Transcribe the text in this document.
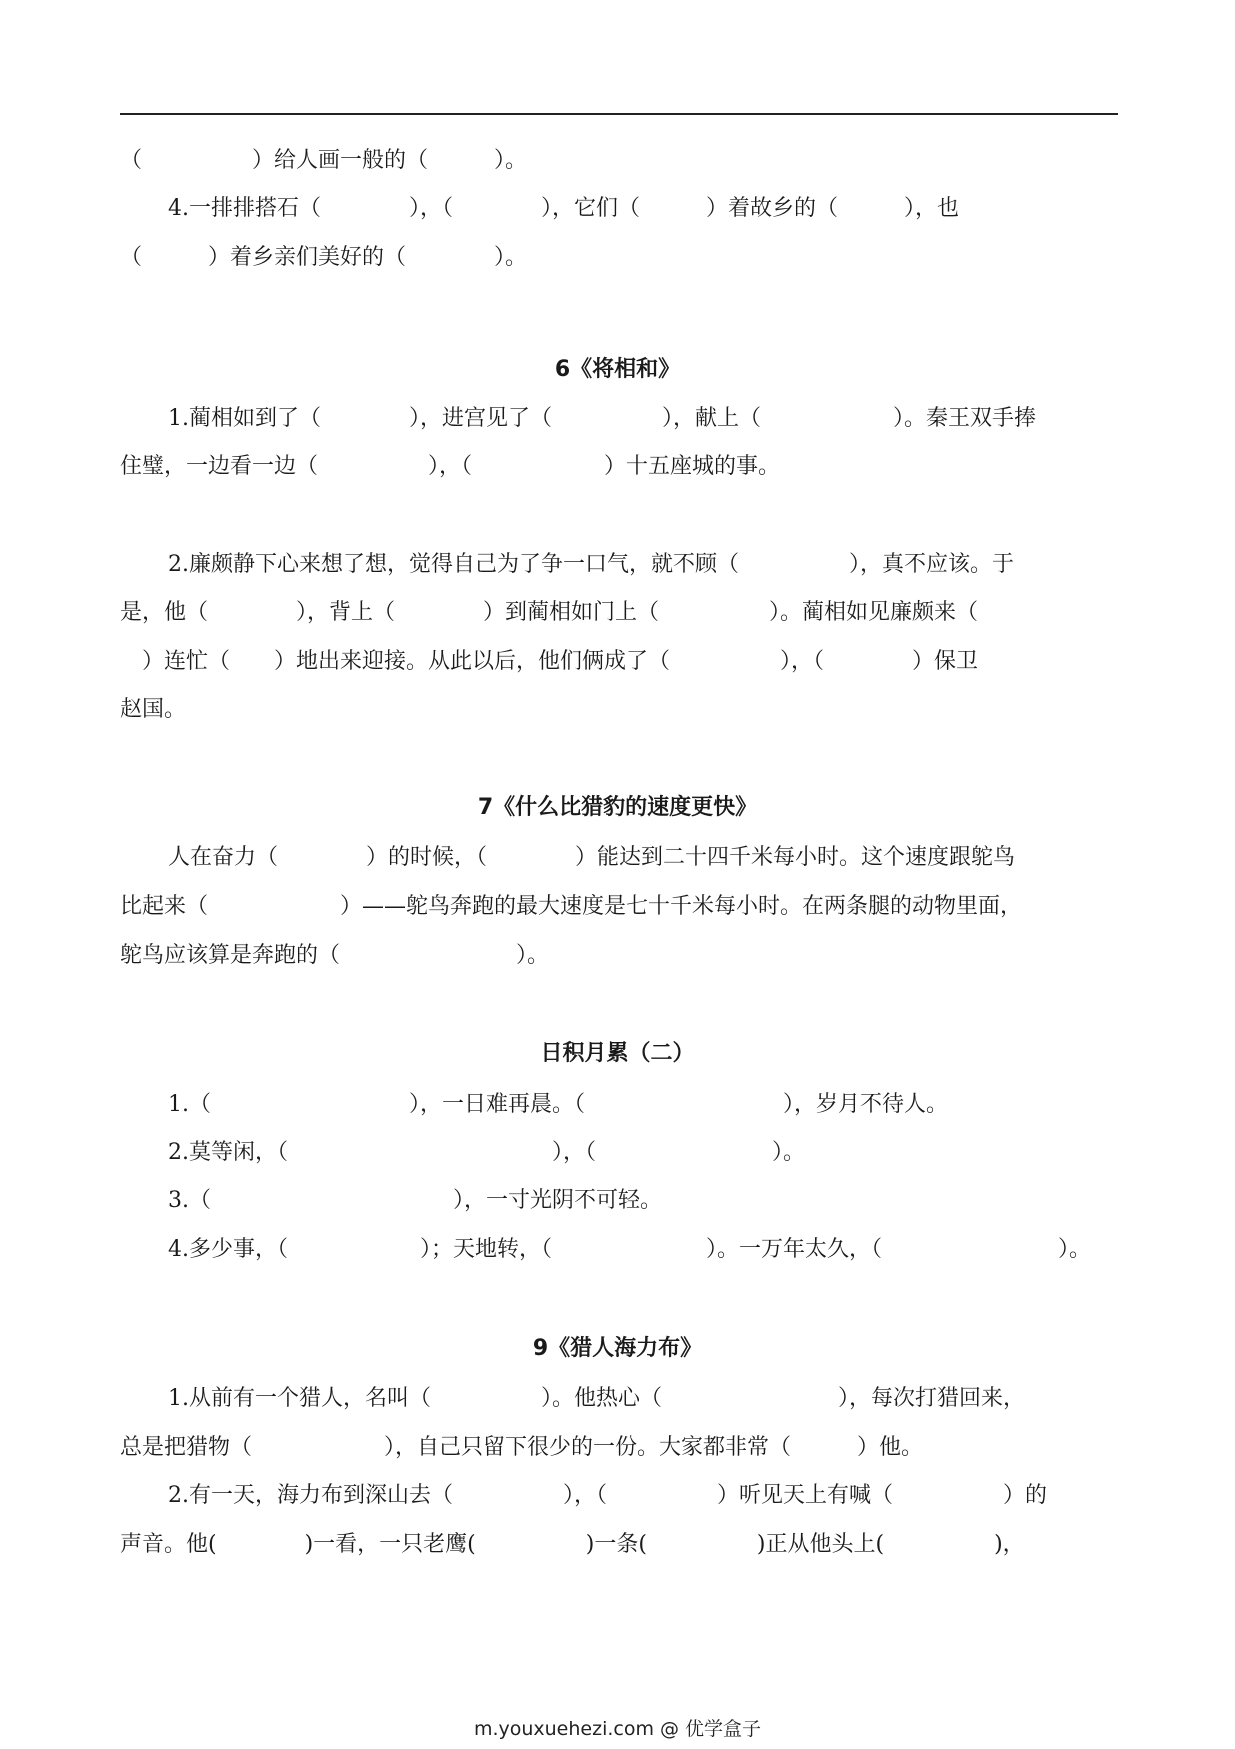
（　　　　　）给人画一般的（　　　）。
4.一排排搭石（　　　　），（　　　　），它们（　　　）着故乡的（　　　），也
（　　　）着乡亲们美好的（　　　　）。
6《将相和》
1.蔺相如到了（　　　　），进宫见了（　　　　　），献上（　　　　　　）。秦王双手捧
住璧，一边看一边（　　　　　），（　　　　　　）十五座城的事。
2.廉颇静下心来想了想，觉得自己为了争一口气，就不顾（　　　　　），真不应该。于
是，他（　　　　），背上（　　　　）到蔺相如门上（　　　　　）。蔺相如见廉颇来（
　）连忙（　　）地出来迎接。从此以后，他们俩成了（　　　　　），（　　　　）保卫
赵国。
7《什么比猎豹的速度更快》
人在奋力（　　　　）的时候，（　　　　）能达到二十四千米每小时。这个速度跟鸵鸟
比起来（　　　　　　）——鸵鸟奔跑的最大速度是七十千米每小时。在两条腿的动物里面，
鸵鸟应该算是奔跑的（　　　　　　　　）。
日积月累（二）
1.（　　　　　　　　　），一日难再晨。（　　　　　　　　　），岁月不待人。
2.莫等闲，（　　　　　　　　　　　　），（　　　　　　　　）。
3.（　　　　　　　　　　　），一寸光阴不可轻。
4.多少事，（　　　　　　）；天地转，（　　　　　　　）。一万年太久，（　　　　　　　　）。
9《猎人海力布》
1.从前有一个猎人，名叫（　　　　　）。他热心（　　　　　　　　），每次打猎回来，
总是把猎物（　　　　　　），自己只留下很少的一份。大家都非常（　　　）他。
2.有一天，海力布到深山去（　　　　　），（　　　　　）听见天上有喊（　　　　　）的
声音。他(　　　　)一看，一只老鹰(　　　　　)一条(　　　　　)正从他头上(　　　　　)，
m.youxuehezi.com @ 优学盒子
